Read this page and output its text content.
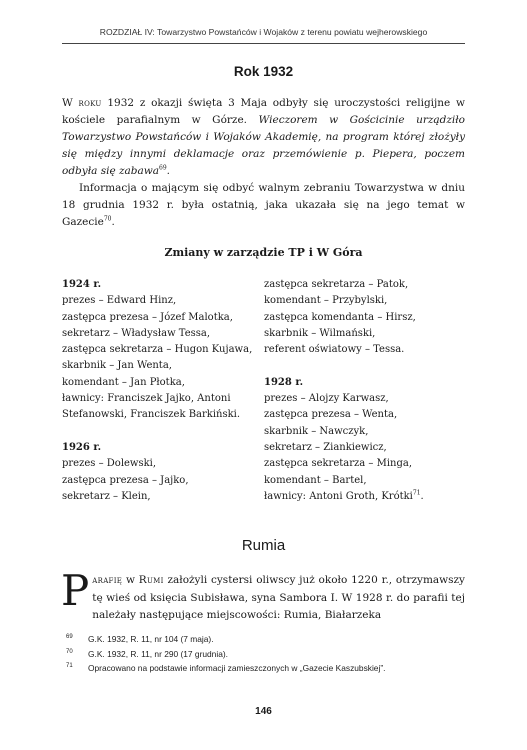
ROZDZIAŁ IV: Towarzystwo Powstańców i Wojaków z terenu powiatu wejherowskiego
Rok 1932

W roku 1932 z okazji święta 3 Maja odbyły się uroczystości religijne w kościele parafialnym w Górze. Wieczorem w Gościcinie urządziło Towarzystwo Powstańców i Wojaków Akademię, na program której złożyły się między innymi deklamacje oraz przemówienie p. Piepera, poczem odbyła się zabawa$^{69}$.

Informacja o mającym się odbyć walnym zebraniu Towarzystwa w dniu 18 grudnia 1932 r. była ostatnią, jaka ukazała się na jego temat w Gazecie$^{70}$.

Zmiany w zarządzie TP i W Góra
1924 r.
prezes – Edward Hinz,
zastępca prezesa – Józef Malotka,
sekretarz – Władysław Tessa,
zastępca sekretarza – Hugon Kujawa,
skarbnik – Jan Wenta,
komendant – Jan Płotka,
ławnicy: Franciszek Jajko, Antoni
Stefanowski, Franciszek Barkiński.
1926 r.
prezes – Dolewski,
zastępca prezesa – Jajko,
sekretarz – Klein,
zastępca sekretarza – Patok,
komendant – Przybylski,
zastępca komendanta – Hirsz,
skarbnik – Wilmański,
referent oświatowy – Tessa.
1928 r.
prezes – Alojzy Karwasz,
zastępca prezesa – Wenta,
skarbnik – Nawczyk,
sekretarz – Ziankiewicz,
zastępca sekretarza – Minga,
komendant – Bartel,
ławnicy: Antoni Groth, Krótki$^{71}$.
Rumia

Parafię w Rumi założyli cystersi oliwscy już około 1220 r., otrzymawszy tę wieś od księcia Subisława, syna Sambora I. W 1928 r. do parafii tej należały następujące miejscowości: Rumia, Białarzeka

69 G.K. 1932, R. 11, nr 104 (7 maja).
70 G.K. 1932, R. 11, nr 290 (17 grudnia).
71 Opracowano na podstawie informacji zamieszczonych w „Gazecie Kaszubskiej”.
146
